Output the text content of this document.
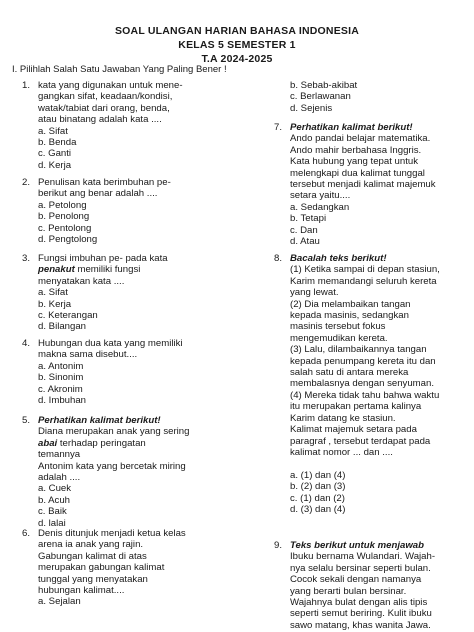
SOAL ULANGAN HARIAN BAHASA INDONESIA
KELAS 5 SEMESTER 1
T.A 2024-2025
I. Pilihlah Salah Satu Jawaban Yang Paling Bener !
1. kata yang digunakan untuk mene-
gangkan sifat, keadaan/kondisi,
watak/tabiat dari orang, benda,
atau binatang adalah kata ....
a. Sifat
b. Benda
c. Ganti
d. Kerja
2. Penulisan kata berimbuhan pe-
berikut ang benar adalah ....
a. Petolong
b. Penolong
c. Pentolong
d. Pengtolong
3. Fungsi imbuhan pe- pada kata
penakut memiliki fungsi
menyatakan kata ....
a. Sifat
b. Kerja
c. Keterangan
d. Bilangan
4. Hubungan dua kata yang memiliki
makna sama disebut....
a. Antonim
b. Sinonim
c. Akronim
d. Imbuhan
5. Perhatikan kalimat berikut!
Diana merupakan anak yang sering
abai terhadap peringatan
temannya
Antonim kata yang bercetak miring
adalah ....
a. Cuek
b. Acuh
c. Baik
d. lalai
6. Denis ditunjuk menjadi ketua kelas
arena ia anak yang rajin.
Gabungan kalimat di atas
merupakan gabungan kalimat
tunggal yang menyatakan
hubungan kalimat....
a. Sejalan
b. Sebab-akibat
c. Berlawanan
d. Sejenis
7. Perhatikan kalimat berikut!
Ando pandai belajar matematika.
Ando mahir berbahasa Inggris.
Kata hubung yang tepat untuk
melengkapi dua kalimat tunggal
tersebut menjadi kalimat majemuk
setara yaitu....
a. Sedangkan
b. Tetapi
c. Dan
d. Atau
8. Bacalah teks berikut!
(1) Ketika sampai di depan stasiun,
Karim memandangi seluruh kereta
yang lewat.
(2) Dia melambaikan tangan
kepada masinis, sedangkan
masinis tersebut fokus
mengemudikan kereta.
(3) Lalu, dilambaikannya tangan
kepada penumpang kereta itu dan
salah satu di antara mereka
membalasnya dengan senyuman.
(4) Mereka tidak tahu bahwa waktu
itu merupakan pertama kalinya
Karim datang ke stasiun.
Kalimat majemuk setara pada
paragraf , tersebut terdapat pada
kalimat nomor ... dan ....
a. (1) dan (4)
b. (2) dan (3)
c. (1) dan (2)
d. (3) dan (4)
9. Teks berikut untuk menjawab
Ibuku bernama Wulandari. Wajah-
nya selalu bersinar seperti bulan.
Cocok sekali dengan namanya
yang berarti bulan bersinar.
Wajahnya bulat dengan alis tipis
seperti semut beriring. Kulit ibuku
sawo matang, khas wanita Jawa.
